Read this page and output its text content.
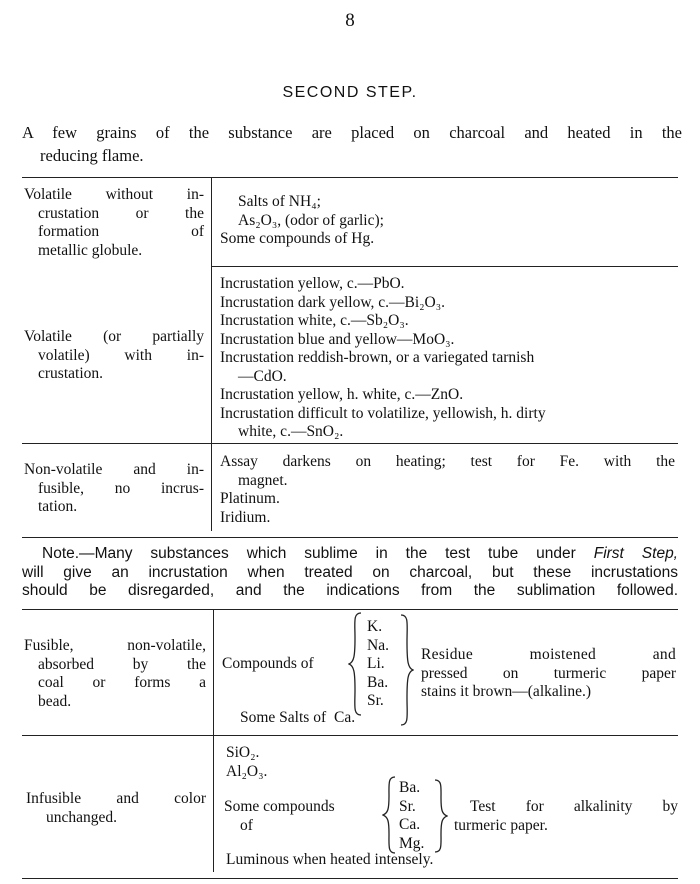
8
SECOND STEP.
A few grains of the substance are placed on charcoal and heated in the
reducing flame.
Volatile without in-
crustation or the
formation of
metallic globule.
Salts of NH₄;
As₂O₃, (odor of garlic);
Some compounds of Hg.
Volatile (or partially
volatile) with in-
crustation.
Incrustation yellow, c.—PbO.
Incrustation dark yellow, c.—Bi₂O₃.
Incrustation white, c.—Sb₂O₃.
Incrustation blue and yellow—MoO₃.
Incrustation reddish-brown, or a variegated tarnish
—CdO.
Incrustation yellow, h. white, c.—ZnO.
Incrustation difficult to volatilize, yellowish, h. dirty
white, c.—SnO₂.
Non-volatile and in-
fusible, no incrus-
tation.
Assay darkens on heating; test for Fe. with the
magnet.
Platinum.
Iridium.
Note.—Many substances which sublime in the test tube under First Step,
will give an incrustation when treated on charcoal, but these incrustations
should be disregarded, and the indications from the sublimation followed.
Fusible, non-volatile,
absorbed by the
coal or forms a
bead.
Compounds of
K.
Na.
Li.
Ba.
Sr.
Some Salts of Ca.
Residue moistened and
pressed on turmeric paper
stains it brown—(alkaline.)
Infusible and color
unchanged.
SiO₂.
Al₂O₃.
Some compounds
of
Ba.
Sr.
Ca.
Mg.
Test for alkalinity by
turmeric paper.
Luminous when heated intensely.
